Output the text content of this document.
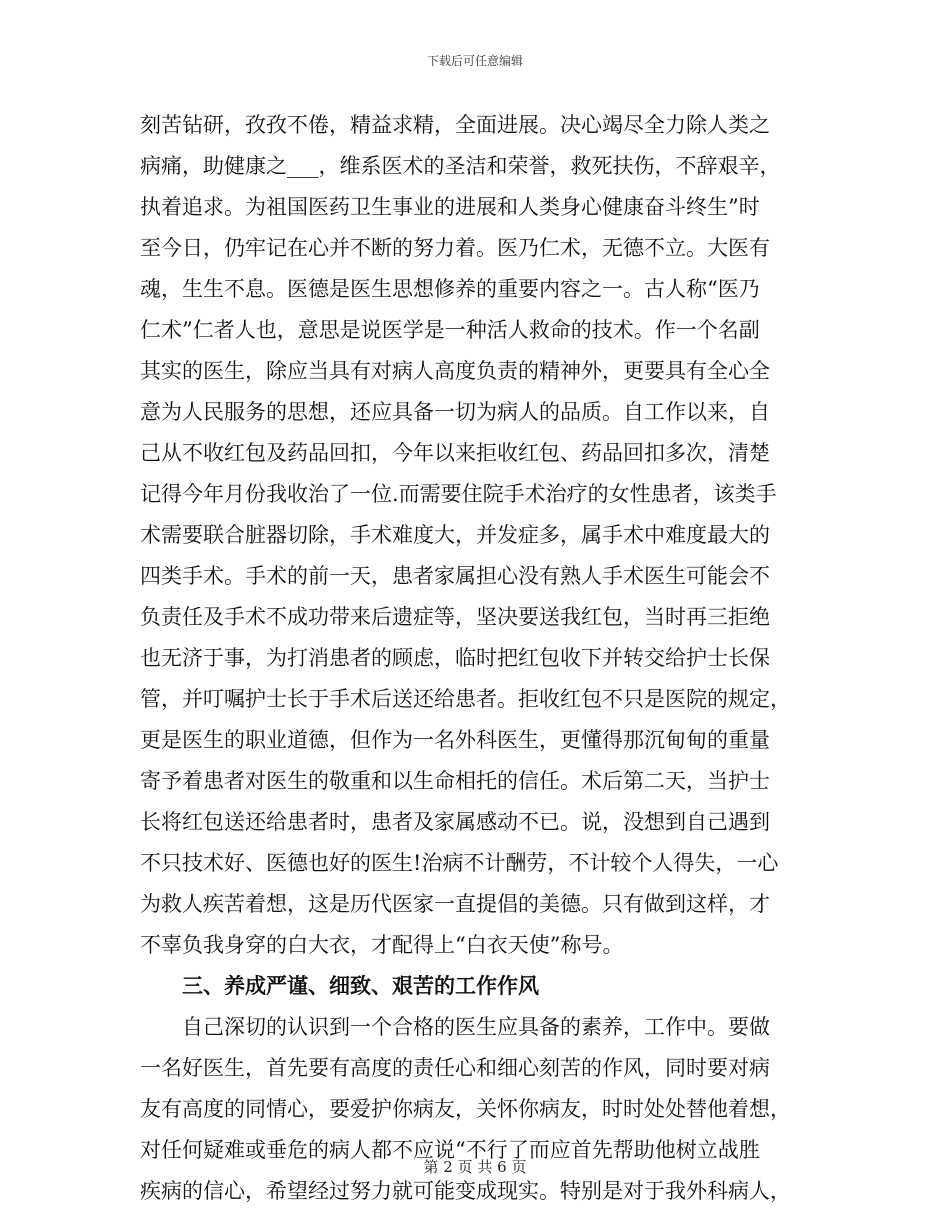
下载后可任意编辑
刻苦钻研，孜孜不倦，精益求精，全面进展。决心竭尽全力除人类之
病痛，助健康之___，维系医术的圣洁和荣誉，救死扶伤，不辞艰辛，
执着追求。为祖国医药卫生事业的进展和人类身心健康奋斗终生”时
至今日，仍牢记在心并不断的努力着。医乃仁术，无德不立。大医有
魂，生生不息。医德是医生思想修养的重要内容之一。古人称“医乃
仁术”仁者人也，意思是说医学是一种活人救命的技术。作一个名副
其实的医生，除应当具有对病人高度负责的精神外，更要具有全心全
意为人民服务的思想，还应具备一切为病人的品质。自工作以来，自
己从不收红包及药品回扣，今年以来拒收红包、药品回扣多次，清楚
记得今年月份我收治了一位.而需要住院手术治疗的女性患者，该类手
术需要联合脏器切除，手术难度大，并发症多，属手术中难度最大的
四类手术。手术的前一天，患者家属担心没有熟人手术医生可能会不
负责任及手术不成功带来后遗症等，坚决要送我红包，当时再三拒绝
也无济于事，为打消患者的顾虑，临时把红包收下并转交给护士长保
管，并叮嘱护士长于手术后送还给患者。拒收红包不只是医院的规定，
更是医生的职业道德，但作为一名外科医生，更懂得那沉甸甸的重量
寄予着患者对医生的敬重和以生命相托的信任。术后第二天，当护士
长将红包送还给患者时，患者及家属感动不已。说，没想到自己遇到
不只技术好、医德也好的医生!治病不计酬劳，不计较个人得失，一心
为救人疾苦着想，这是历代医家一直提倡的美德。只有做到这样，才
不辜负我身穿的白大衣，才配得上“白衣天使”称号。
三、养成严谨、细致、艰苦的工作作风
自己深切的认识到一个合格的医生应具备的素养，工作中。要做
一名好医生，首先要有高度的责任心和细心刻苦的作风，同时要对病
友有高度的同情心，要爱护你病友，关怀你病友，时时处处替他着想，
对任何疑难或垂危的病人都不应说“不行了而应首先帮助他树立战胜
疾病的信心，希望经过努力就可能变成现实。特别是对于我外科病人，
第 2 页 共 6 页
